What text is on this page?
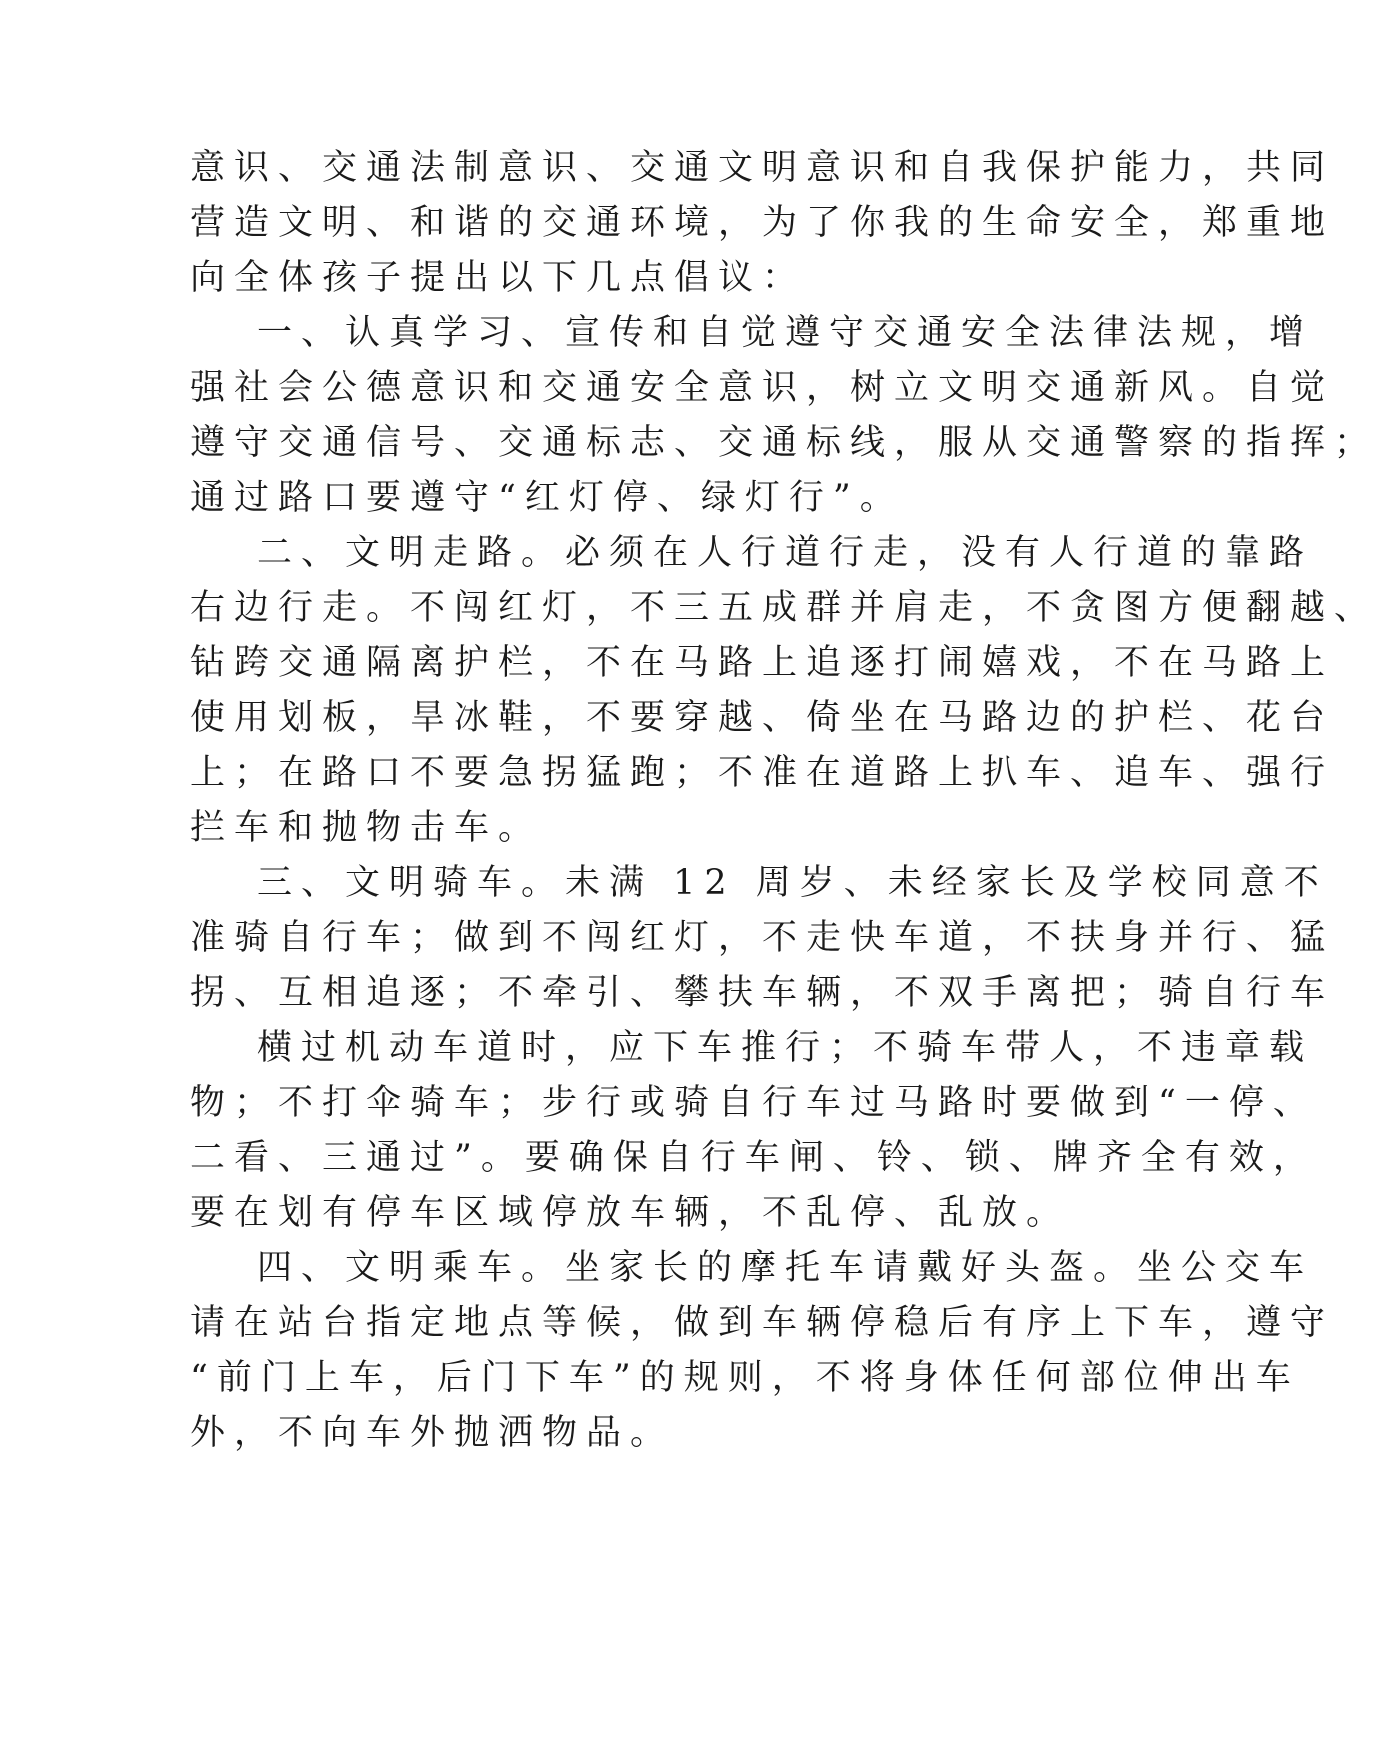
意识、交通法制意识、交通文明意识和自我保护能力，共同

营造文明、和谐的交通环境，为了你我的生命安全，郑重地

向全体孩子提出以下几点倡议：

一、认真学习、宣传和自觉遵守交通安全法律法规，增

强社会公德意识和交通安全意识，树立文明交通新风。自觉

遵守交通信号、交通标志、交通标线，服从交通警察的指挥；

通过路口要遵守“红灯停、绿灯行”。

二、文明走路。必须在人行道行走，没有人行道的靠路

右边行走。不闯红灯，不三五成群并肩走，不贪图方便翻越、

钻跨交通隔离护栏，不在马路上追逐打闹嬉戏，不在马路上

使用划板，旱冰鞋，不要穿越、倚坐在马路边的护栏、花台

上；在路口不要急拐猛跑；不准在道路上扒车、追车、强行

拦车和抛物击车。

三、文明骑车。未满 12 周岁、未经家长及学校同意不

准骑自行车；做到不闯红灯，不走快车道，不扶身并行、猛

拐、互相追逐；不牵引、攀扶车辆，不双手离把；骑自行车

横过机动车道时，应下车推行；不骑车带人，不违章载

物；不打伞骑车；步行或骑自行车过马路时要做到“一停、

二看、三通过”。要确保自行车闸、铃、锁、牌齐全有效，

要在划有停车区域停放车辆，不乱停、乱放。

四、文明乘车。坐家长的摩托车请戴好头盔。坐公交车

请在站台指定地点等候，做到车辆停稳后有序上下车，遵守

“前门上车，后门下车”的规则，不将身体任何部位伸出车

外，不向车外抛洒物品。
